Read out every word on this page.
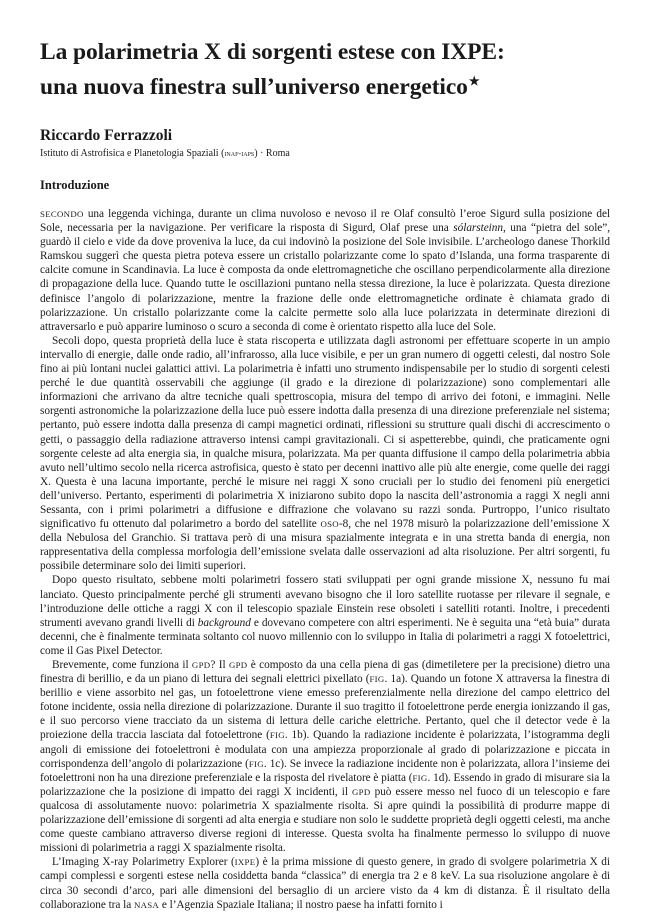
La polarimetria X di sorgenti estese con IXPE:
una nuova finestra sull’universo energetico★
Riccardo Ferrazzoli
Istituto di Astrofisica e Planetologia Spaziali (inaf-iaps) · Roma
Introduzione

SECONDO una leggenda vichinga, durante un clima nuvoloso e nevoso il re Olaf consultò l’eroe Sigurd sulla posizione del Sole, necessaria per la navigazione. Per verificare la risposta di Sigurd, Olaf prese una sólarsteinn, una “pietra del sole”, guardò il cielo e vide da dove proveniva la luce, da cui indovinò la posizione del Sole invisibile. L’archeologo danese Thorkild Ramskou suggerì che questa pietra poteva essere un cristallo polarizzante come lo spato d’Islanda, una forma trasparente di calcite comune in Scandinavia. La luce è composta da onde elettromagnetiche che oscillano perpendicolarmente alla direzione di propagazione della luce. Quando tutte le oscillazioni puntano nella stessa direzione, la luce è polarizzata. Questa direzione definisce l’angolo di polarizzazione, mentre la frazione delle onde elettromagnetiche ordinate è chiamata grado di polarizzazione. Un cristallo polarizzante come la calcite permette solo alla luce polarizzata in determinate direzioni di attraversarlo e può apparire luminoso o scuro a seconda di come è orientato rispetto alla luce del Sole.

Secoli dopo, questa proprietà della luce è stata riscoperta e utilizzata dagli astronomi per effettuare scoperte in un ampio intervallo di energie, dalle onde radio, all’infrarosso, alla luce visibile, e per un gran numero di oggetti celesti, dal nostro Sole fino ai più lontani nuclei galattici attivi. La polarimetria è infatti uno strumento indispensabile per lo studio di sorgenti celesti perché le due quantità osservabili che aggiunge (il grado e la direzione di polarizzazione) sono complementari alle informazioni che arrivano da altre tecniche quali spettroscopia, misura del tempo di arrivo dei fotoni, e immagini. Nelle sorgenti astronomiche la polarizzazione della luce può essere indotta dalla presenza di una direzione preferenziale nel sistema; pertanto, può essere indotta dalla presenza di campi magnetici ordinati, riflessioni su strutture quali dischi di accrescimento o getti, o passaggio della radiazione attraverso intensi campi gravitazionali. Ci si aspetterebbe, quindi, che praticamente ogni sorgente celeste ad alta energia sia, in qualche misura, polarizzata. Ma per quanta diffusione il campo della polarimetria abbia avuto nell’ultimo secolo nella ricerca astrofisica, questo è stato per decenni inattivo alle più alte energie, come quelle dei raggi X. Questa è una lacuna importante, perché le misure nei raggi X sono cruciali per lo studio dei fenomeni più energetici dell’universo. Pertanto, esperimenti di polarimetria X iniziarono subito dopo la nascita dell’astronomia a raggi X negli anni Sessanta, con i primi polarimetri a diffusione e diffrazione che volavano su razzi sonda. Purtroppo, l’unico risultato significativo fu ottenuto dal polarimetro a bordo del satellite OSO-8, che nel 1978 misurò la polarizzazione dell’emissione X della Nebulosa del Granchio. Si trattava però di una misura spazialmente integrata e in una stretta banda di energia, non rappresentativa della complessa morfologia dell’emissione svelata dalle osservazioni ad alta risoluzione. Per altri sorgenti, fu possibile determinare solo dei limiti superiori.

Dopo questo risultato, sebbene molti polarimetri fossero stati sviluppati per ogni grande missione X, nessuno fu mai lanciato. Questo principalmente perché gli strumenti avevano bisogno che il loro satellite ruotasse per rilevare il segnale, e l’introduzione delle ottiche a raggi X con il telescopio spaziale Einstein rese obsoleti i satelliti rotanti. Inoltre, i precedenti strumenti avevano grandi livelli di background e dovevano competere con altri esperimenti. Ne è seguita una “età buia” durata decenni, che è finalmente terminata soltanto col nuovo millennio con lo sviluppo in Italia di polarimetri a raggi X fotoelettrici, come il Gas Pixel Detector.

Brevemente, come funziona il GPD? Il GPD è composto da una cella piena di gas (dimetiletere per la precisione) dietro una finestra di berillio, e da un piano di lettura dei segnali elettrici pixellato (FIG. 1a). Quando un fotone X attraversa la finestra di berillio e viene assorbito nel gas, un fotoelettrone viene emesso preferenzialmente nella direzione del campo elettrico del fotone incidente, ossia nella direzione di polarizzazione. Durante il suo tragitto il fotoelettrone perde energia ionizzando il gas, e il suo percorso viene tracciato da un sistema di lettura delle cariche elettriche. Pertanto, quel che il detector vede è la proiezione della traccia lasciata dal fotoelettrone (FIG. 1b). Quando la radiazione incidente è polarizzata, l’istogramma degli angoli di emissione dei fotoelettroni è modulata con una ampiezza proporzionale al grado di polarizzazione e piccata in corrispondenza dell’angolo di polarizzazione (FIG. 1c). Se invece la radiazione incidente non è polarizzata, allora l’insieme dei fotoelettroni non ha una direzione preferenziale e la risposta del rivelatore è piatta (FIG. 1d). Essendo in grado di misurare sia la polarizzazione che la posizione di impatto dei raggi X incidenti, il GPD può essere messo nel fuoco di un telescopio e fare qualcosa di assolutamente nuovo: polarimetria X spazialmente risolta. Si apre quindi la possibilità di produrre mappe di polarizzazione dell’emissione di sorgenti ad alta energia e studiare non solo le suddette proprietà degli oggetti celesti, ma anche come queste cambiano attraverso diverse regioni di interesse. Questa svolta ha finalmente permesso lo sviluppo di nuove missioni di polarimetria a raggi X spazialmente risolta.

L’Imaging X-ray Polarimetry Explorer (IXPE) è la prima missione di questo genere, in grado di svolgere polarimetria X di campi complessi e sorgenti estese nella cosiddetta banda “classica” di energia tra 2 e 8 keV. La sua risoluzione angolare è di circa 30 secondi d’arco, pari alle dimensioni del bersaglio di un arciere visto da 4 km di distanza. È il risultato della collaborazione tra la NASA e l’Agenzia Spaziale Italiana; il nostro paese ha infatti fornito i
